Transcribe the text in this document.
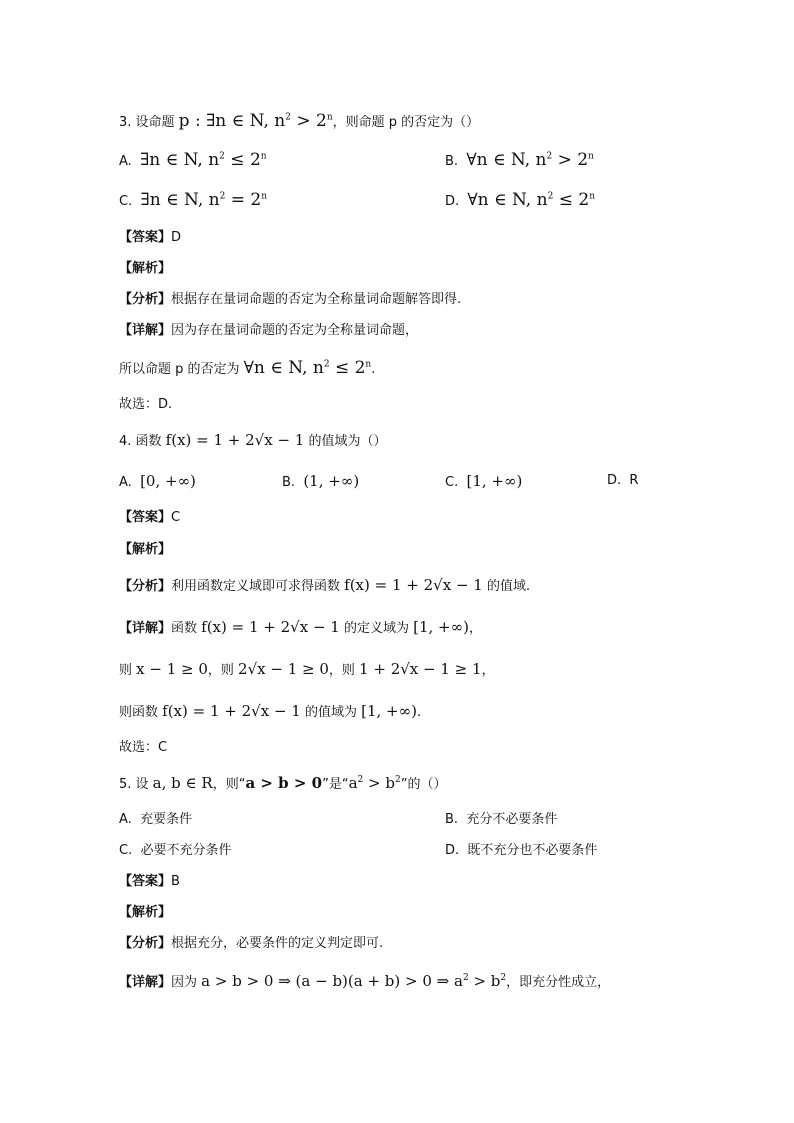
3. 设命题 p : ∃n ∈ N, $n^2 > 2^n$，则命题 p 的否定为（）
A. ∃n ∈ N, $n^2 \le 2^n$	B. ∀n ∈ N, $n^2 > 2^n$
C. ∃n ∈ N, $n^2 = 2^n$	D. ∀n ∈ N, $n^2 \le 2^n$
【答案】D
【解析】
【分析】根据存在量词命题的否定为全称量词命题解答即得.
【详解】因为存在量词命题的否定为全称量词命题，
所以命题 p 的否定为 ∀n ∈ N, $n^2 \le 2^n$.
故选：D.
4. 函数 f(x) = 1 + 2√x − 1 的值域为（）
A. [0, +∞)	B. (1, +∞)	C. [1, +∞)	D. R
【答案】C
【解析】
【分析】利用函数定义域即可求得函数 f(x) = 1 + 2√x − 1 的值域.
【详解】函数 f(x) = 1 + 2√x − 1 的定义域为 [1, +∞)，
则 x − 1 ≥ 0，则 2√x − 1 ≥ 0，则 1 + 2√x − 1 ≥ 1，
则函数 f(x) = 1 + 2√x − 1 的值域为 [1, +∞).
故选：C
5. 设 a, b ∈ R，则“a > b > 0”是“$a^2 > b^2$”的（）
A. 充要条件	B. 充分不必要条件
C. 必要不充分条件	D. 既不充分也不必要条件
【答案】B
【解析】
【分析】根据充分，必要条件的定义判定即可.
【详解】因为 a > b > 0 ⇒ (a − b)(a + b) > 0 ⇒ $a^2 > b^2$，即充分性成立，
